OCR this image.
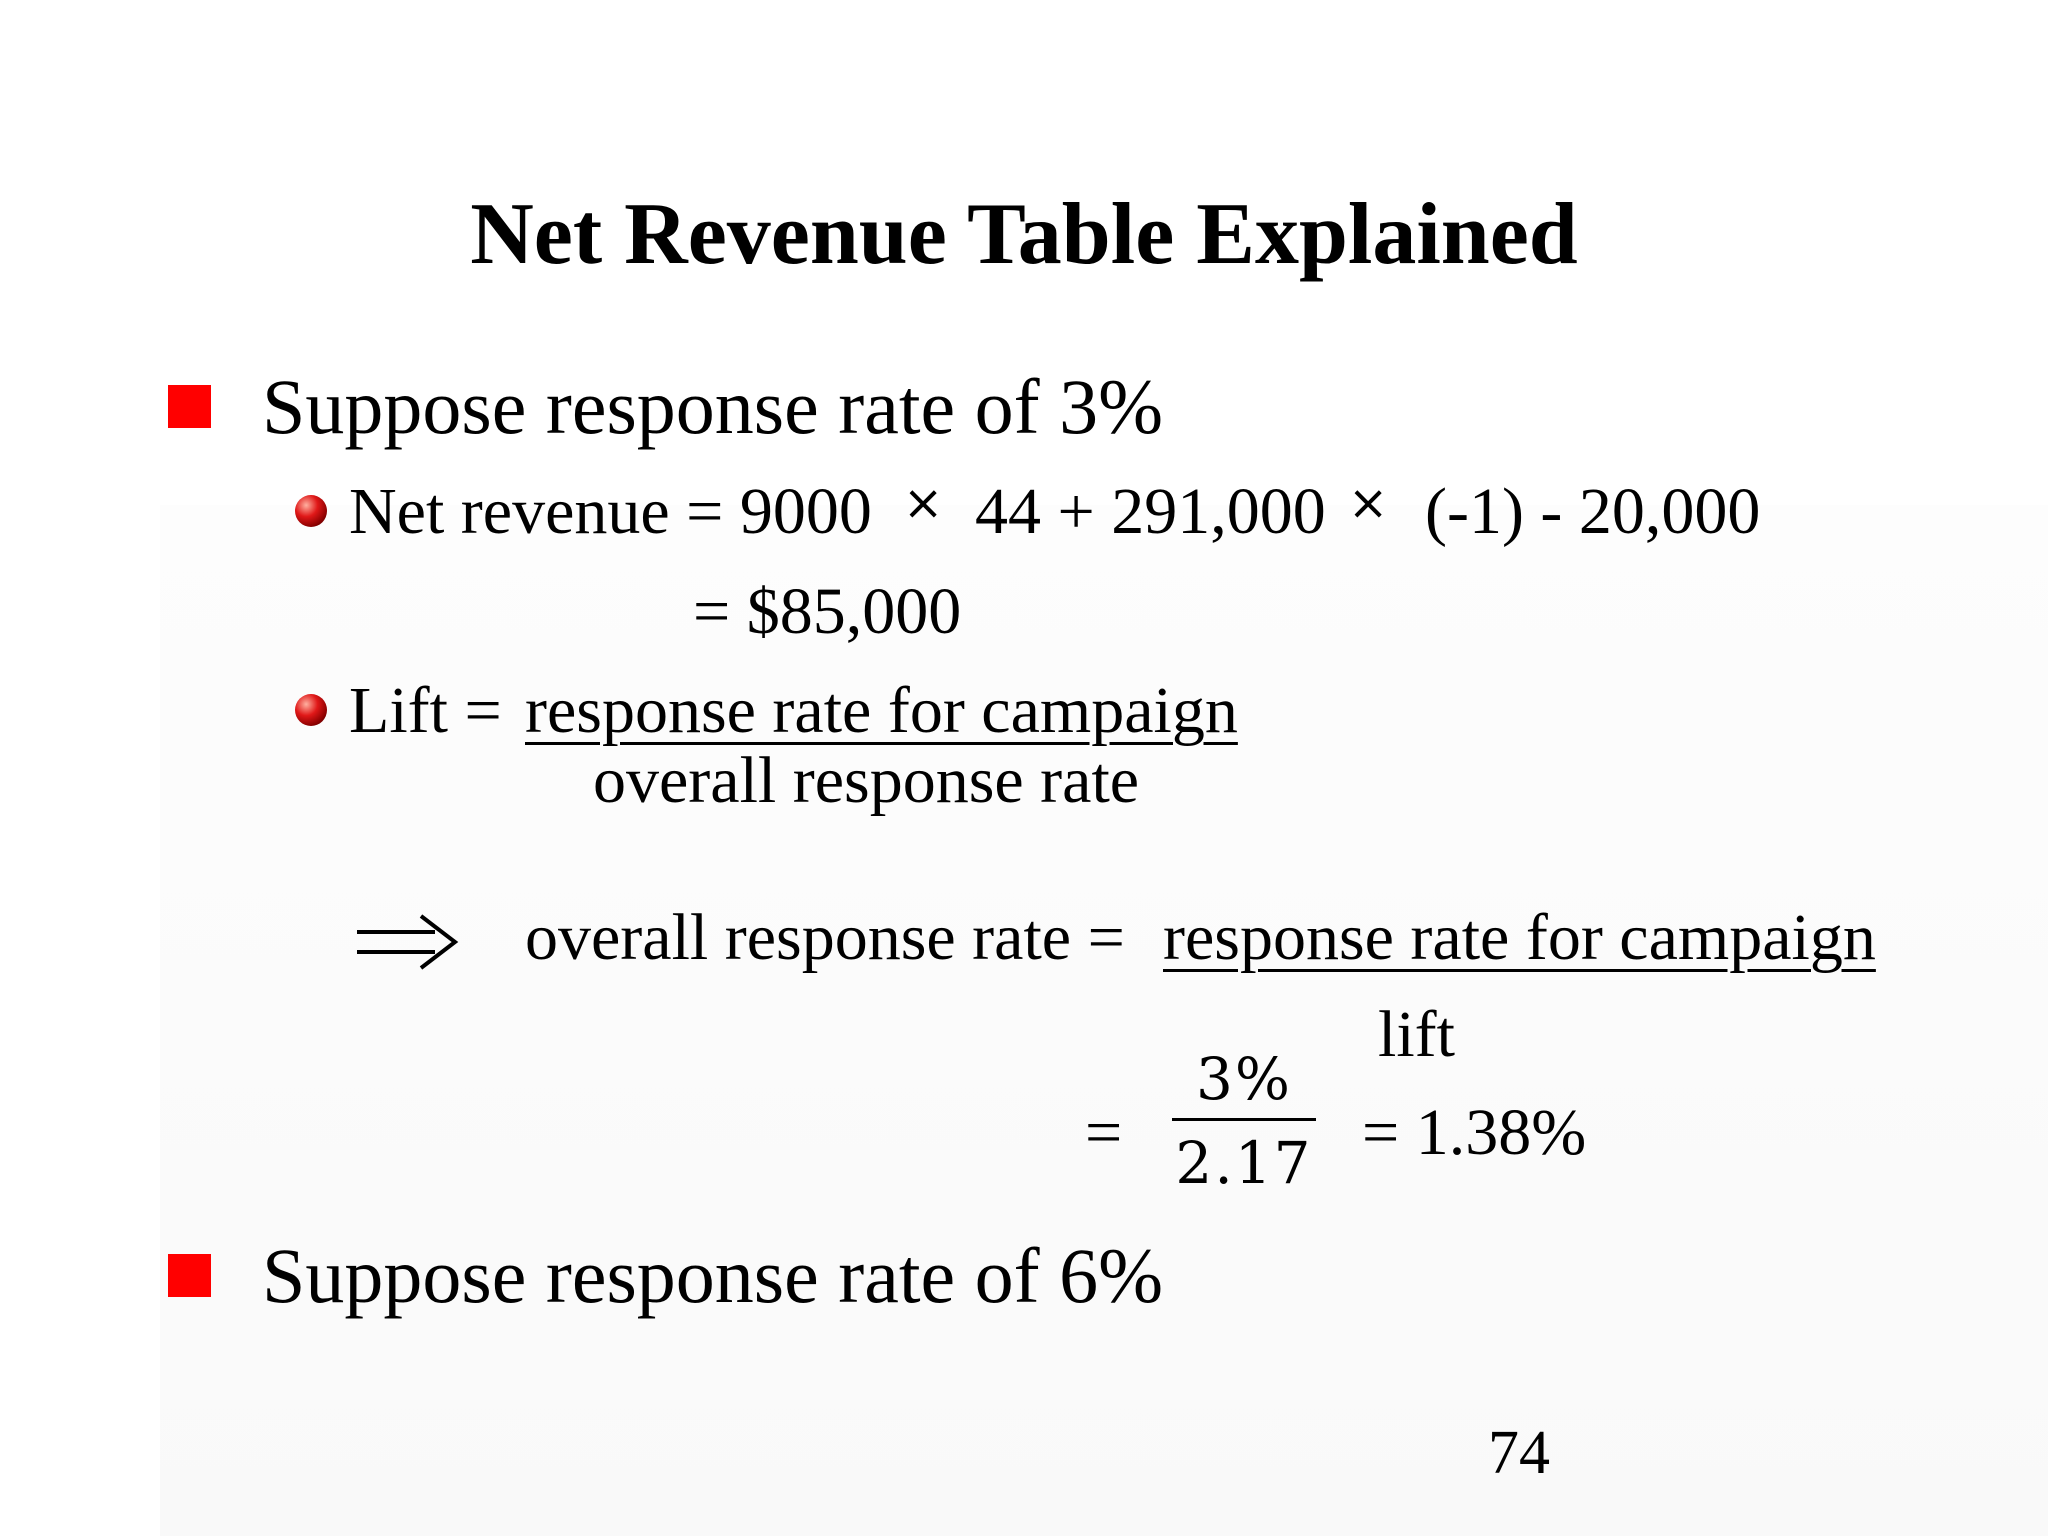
Net Revenue Table Explained
Suppose response rate of 3%
Net revenue = 9000 × 44 + 291,000 × (-1) - 20,000
= $85,000
Lift = response rate for campaign
overall response rate
overall response rate = response rate for campaign
lift
=
3%
2.17 = 1.38%
Suppose response rate of 6%
74
